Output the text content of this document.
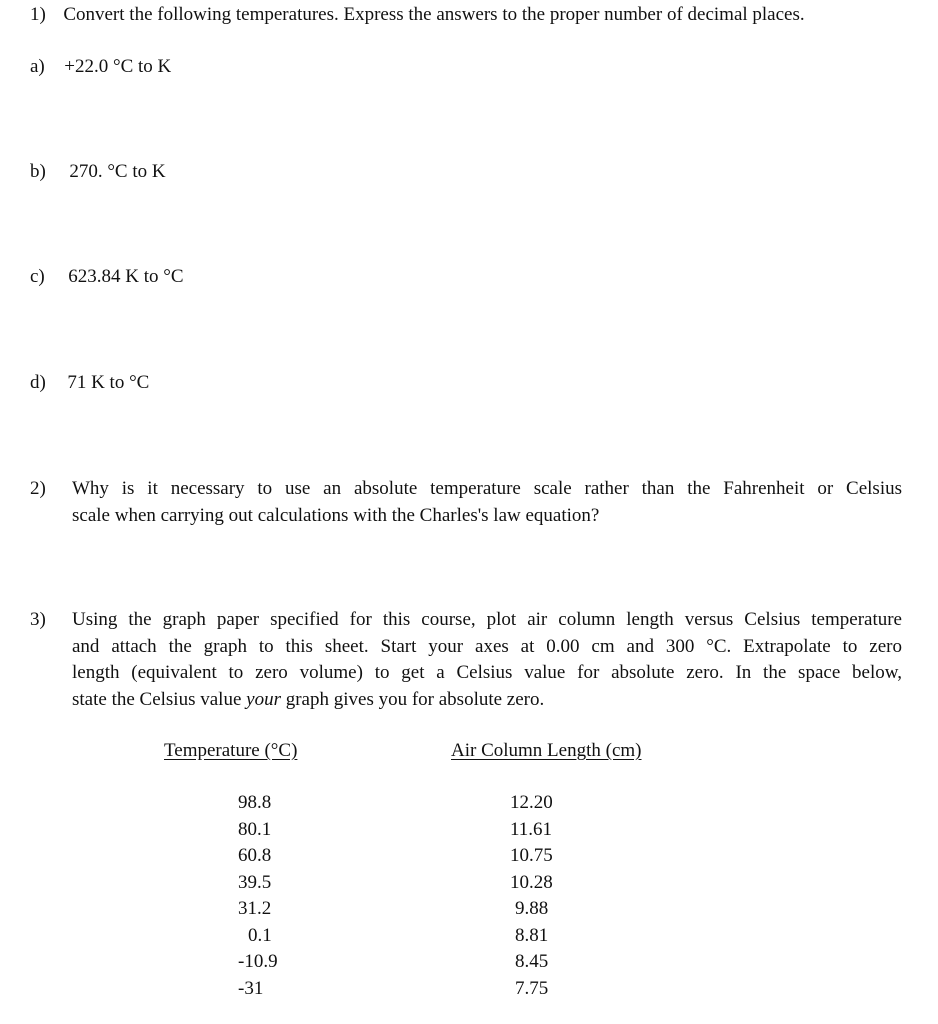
1) Convert the following temperatures. Express the answers to the proper number of decimal places.
a) +22.0 °C to K
b) 270. °C to K
c) 623.84 K to °C
d) 71 K to °C
2) Why is it necessary to use an absolute temperature scale rather than the Fahrenheit or Celsius
scale when carrying out calculations with the Charles's law equation?
3) Using the graph paper specified for this course, plot air column length versus Celsius temperature
and attach the graph to this sheet. Start your axes at 0.00 cm and 300 °C. Extrapolate to zero
length (equivalent to zero volume) to get a Celsius value for absolute zero. In the space below,
state the Celsius value your graph gives you for absolute zero.
Temperature (°C)	Air Column Length (cm)
98.8
80.1
60.8
39.5
31.2
0.1
-10.9
-31
12.20
11.61
10.75
10.28
9.88
8.81
8.45
7.75
